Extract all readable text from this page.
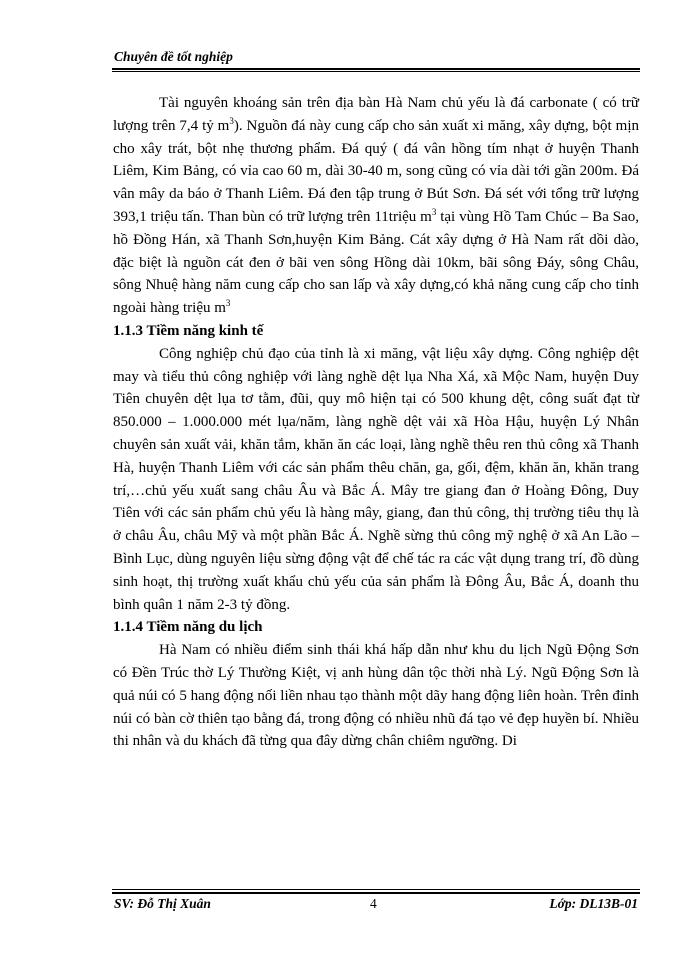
Chuyên đề tốt nghiệp

Tài nguyên khoáng sản trên địa bàn Hà Nam chủ yếu là đá carbonate ( có trữ lượng trên 7,4 tỷ $m^3$). Nguồn đá này cung cấp cho sản xuất xi măng, xây dựng, bột mịn cho xây trát, bột nhẹ thương phẩm. Đá quý ( đá vân hồng tím nhạt ở huyện Thanh Liêm, Kim Bảng, có vỉa cao 60 m, dài 30-40 m, song cũng có vỉa dài tới gần 200m. Đá vân mây da báo ở Thanh Liêm. Đá đen tập trung ở Bút Sơn. Đá sét với tổng trữ lượng 393,1 triệu tấn. Than bùn có trữ lượng trên 11triệu $m^3$ tại vùng Hồ Tam Chúc – Ba Sao, hồ Đồng Hán, xã Thanh Sơn,huyện Kim Bảng. Cát xây dựng ở Hà Nam rất dồi dào, đặc biệt là nguồn cát đen ở bãi ven sông Hồng dài 10km, bãi sông Đáy, sông Châu, sông Nhuệ hàng năm cung cấp cho san lấp và xây dựng,có khả năng cung cấp cho tỉnh ngoài hàng triệu $m^3$

1.1.3 Tiềm năng kinh tế

Công nghiệp chủ đạo của tỉnh là xi măng, vật liệu xây dựng. Công nghiệp dệt may và tiểu thủ công nghiệp với làng nghề dệt lụa Nha Xá, xã Mộc Nam, huyện Duy Tiên chuyên dệt lụa tơ tằm, đũi, quy mô hiện tại có 500 khung dệt, công suất đạt từ 850.000 – 1.000.000 mét lụa/năm, làng nghề dệt vải xã Hòa Hậu, huyện Lý Nhân chuyên sản xuất vải, khăn tắm, khăn ăn các loại, làng nghề thêu ren thủ công xã Thanh Hà, huyện Thanh Liêm với các sản phẩm thêu chăn, ga, gối, đệm, khăn ăn, khăn trang trí,…chủ yếu xuất sang châu Âu và Bắc Á. Mây tre giang đan ở Hoàng Đông, Duy Tiên với các sản phẩm chủ yếu là hàng mây, giang, đan thủ công, thị trường tiêu thụ là ở châu Âu, châu Mỹ và một phần Bắc Á. Nghề sừng thủ công mỹ nghệ ở xã An Lão – Bình Lục, dùng nguyên liệu sừng động vật để chế tác ra các vật dụng trang trí, đồ dùng sinh hoạt, thị trường xuất khẩu chủ yếu của sản phẩm là Đông Âu, Bắc Á, doanh thu bình quân 1 năm 2-3 tỷ đồng.

1.1.4 Tiềm năng du lịch

Hà Nam có nhiều điểm sinh thái khá hấp dẫn như khu du lịch Ngũ Động Sơn có Đền Trúc thờ Lý Thường Kiệt, vị anh hùng dân tộc thời nhà Lý. Ngũ Động Sơn là quả núi có 5 hang động nối liền nhau tạo thành một dãy hang động liên hoàn. Trên đỉnh núi có bàn cờ thiên tạo bằng đá, trong động có nhiều nhũ đá tạo vẻ đẹp huyền bí. Nhiều thi nhân và du khách đã từng qua đây dừng chân chiêm ngưỡng. Di

SV: Đỗ Thị Xuân	4	Lớp: DL13B-01
